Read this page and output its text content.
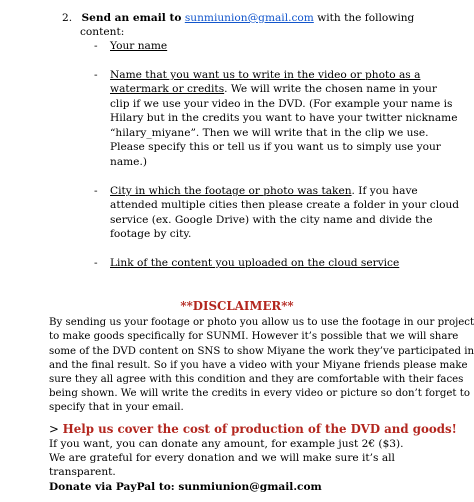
2. Send an email to sunmiunion@gmail.com with the following
content:
- Your name
- Name that you want us to write in the video or photo as a
watermark or credits. We will write the chosen name in your
clip if we use your video in the DVD. (For example your name is
Hilary but in the credits you want to have your twitter nickname
“hilary_miyane”. Then we will write that in the clip we use.
Please specify this or tell us if you want us to simply use your
name.)
- City in which the footage or photo was taken. If you have
attended multiple cities then please create a folder in your cloud
service (ex. Google Drive) with the city name and divide the
footage by city.
- Link of the content you uploaded on the cloud service
**DISCLAIMER**
By sending us your footage or photo you allow us to use the footage in our project
to make goods specifically for SUNMI. However it’s possible that we will share
some of the DVD content on SNS to show Miyane the work they’ve participated in
and the final result. So if you have a video with your Miyane friends please make
sure they all agree with this condition and they are comfortable with their faces
being shown. We will write the credits in every video or picture so don’t forget to
specify that in your email.
> Help us cover the cost of production of the DVD and goods!
If you want, you can donate any amount, for example just 2€ ($3).
We are grateful for every donation and we will make sure it’s all
transparent.
Donate via PayPal to: sunmiunion@gmail.com
